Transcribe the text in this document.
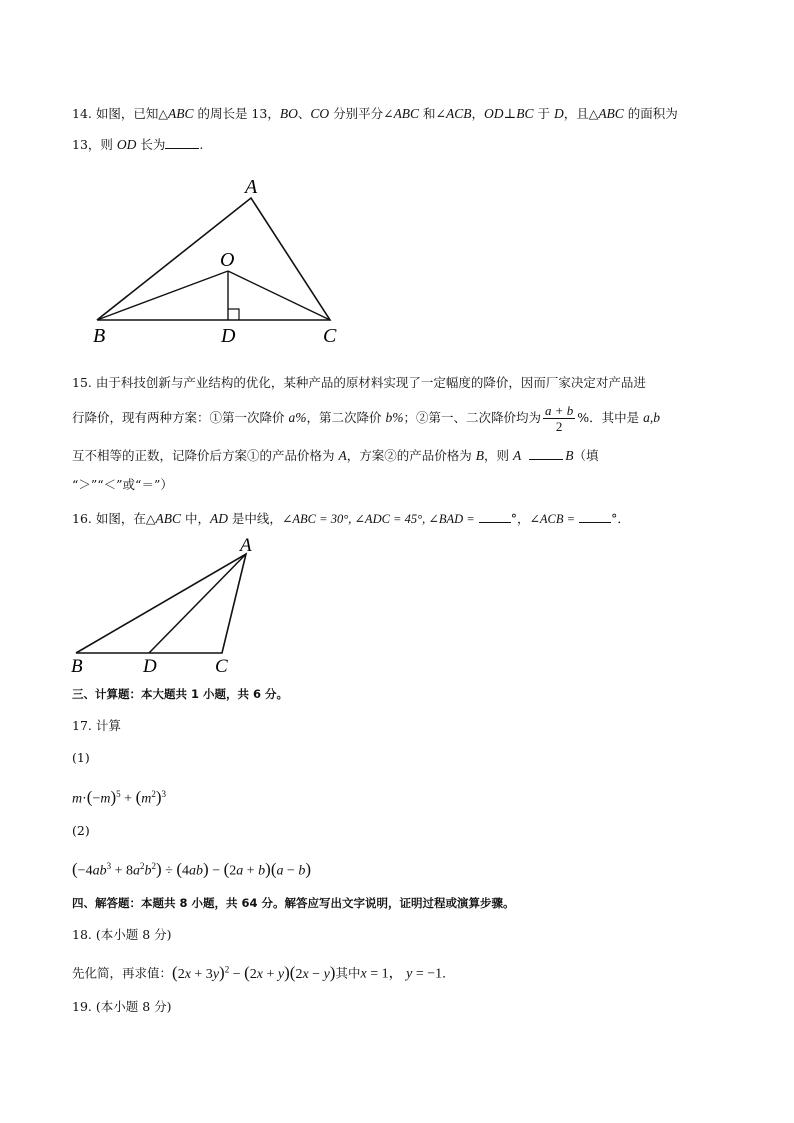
14. 如图，已知△ABC 的周长是 13，BO、CO 分别平分∠ABC 和∠ACB，OD⊥BC 于 D，且△ABC 的面积为
13，则 OD 长为	.
A
O
B	D	C
15. 由于科技创新与产业结构的优化，某种产品的原材料实现了一定幅度的降价，因而厂家决定对产品进
行降价，现有两种方案：①第一次降价 a%，第二次降价 b%；②第一、二次降价均为 $\frac{a + b}{2}$ %．其中是 a,b
互不相等的正数，记降价后方案①的产品价格为 A，方案②的产品价格为 B，则 A	B（填
“＞”“＜”或“＝”）
16. 如图，在△ABC 中，AD 是中线，∠ABC = 30°, ∠ADC = 45°, ∠BAD =	°，∠ACB =	°．
A
B	D	C
三、计算题：本大题共 1 小题，共 6 分。
17. 计算
(1)
$m\cdot(-m)^5 + (m^2)^3$
(2)
$(-4ab^3 + 8a^2b^2) \div (4ab) - (2a + b)(a - b)$
四、解答题：本题共 8 小题，共 64 分。解答应写出文字说明，证明过程或演算步骤。
18. (本小题 8 分)
先化简，再求值：$(2x + 3y)^2 - (2x + y)(2x - y)$其中x = 1， y = −1．
19. (本小题 8 分)
